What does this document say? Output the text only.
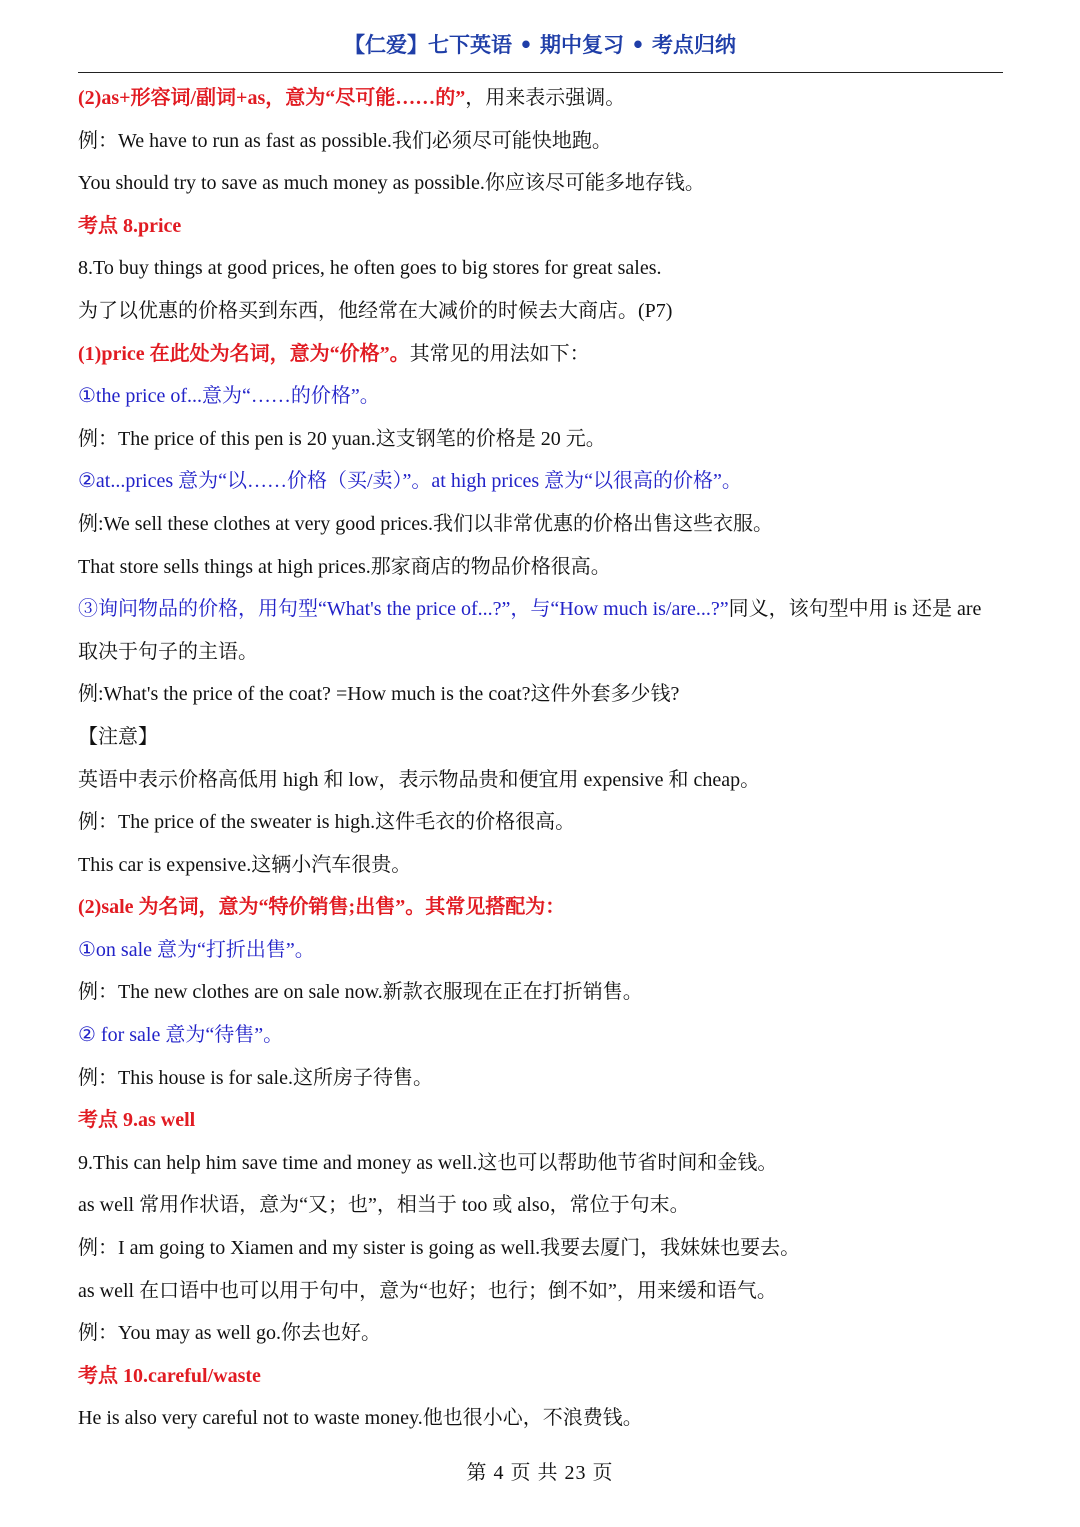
【仁爱】七下英语 • 期中复习 • 考点归纳
(2)as+形容词/副词+as，意为“尽可能……的”，用来表示强调。
例：We have to run as fast as possible.我们必须尽可能快地跑。
You should try to save as much money as possible.你应该尽可能多地存钱。
考点 8.price
8.To buy things at good prices, he often goes to big stores for great sales.
为了以优惠的价格买到东西，他经常在大减价的时候去大商店。(P7)
(1)price 在此处为名词，意为“价格”。其常见的用法如下：
①the price of...意为“……的价格”。
例：The price of this pen is 20 yuan.这支钢笔的价格是 20 元。
②at...prices 意为“以……价格（买/卖）”。at high prices 意为“以很高的价格”。
例:We sell these clothes at very good prices.我们以非常优惠的价格出售这些衣服。
That store sells things at high prices.那家商店的物品价格很高。
③询问物品的价格，用句型“What's the price of...?”，与“How much is/are...?”同义，该句型中用 is 还是 are 取决于句子的主语。
例:What's the price of the coat? =How much is the coat?这件外套多少钱?
【注意】
英语中表示价格高低用 high 和 low，表示物品贵和便宜用 expensive 和 cheap。
例：The price of the sweater is high.这件毛衣的价格很高。
This car is expensive.这辆小汽车很贵。
(2)sale 为名词，意为“特价销售;出售”。其常见搭配为：
①on sale 意为“打折出售”。
例：The new clothes are on sale now.新款衣服现在正在打折销售。
② for sale 意为“待售”。
例：This house is for sale.这所房子待售。
考点 9.as well
9.This can help him save time and money as well.这也可以帮助他节省时间和金钱。
as well 常用作状语，意为“又；也”，相当于 too 或 also，常位于句末。
例：I am going to Xiamen and my sister is going as well.我要去厦门，我妹妹也要去。
as well 在口语中也可以用于句中，意为“也好；也行；倒不如”，用来缓和语气。
例：You may as well go.你去也好。
考点 10.careful/waste
He is also very careful not to waste money.他也很小心，不浪费钱。
第 4 页 共 23 页
